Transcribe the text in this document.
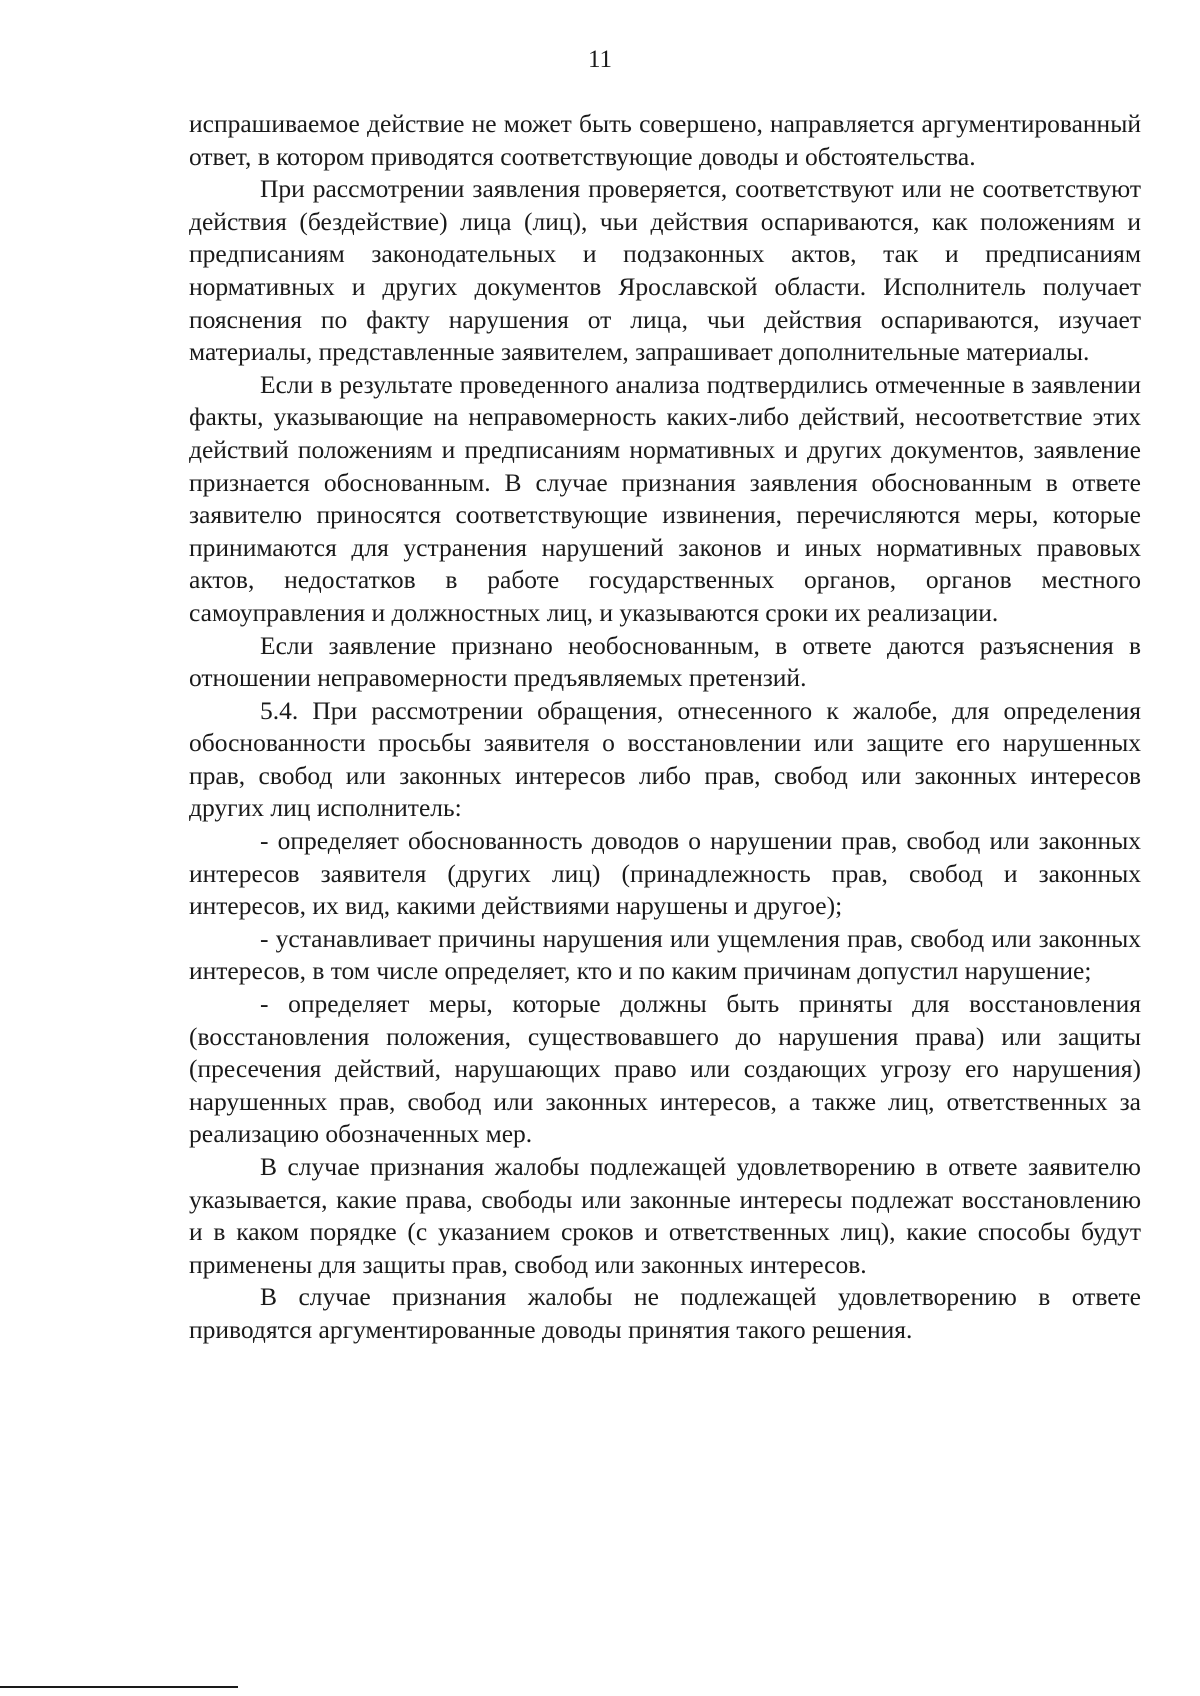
11

испрашиваемое действие не может быть совершено, направляется аргументированный ответ, в котором приводятся соответствующие доводы и обстоятельства.

При рассмотрении заявления проверяется, соответствуют или не соответствуют действия (бездействие) лица (лиц), чьи действия оспариваются, как положениям и предписаниям законодательных и подзаконных актов, так и предписаниям нормативных и других документов Ярославской области. Исполнитель получает пояснения по факту нарушения от лица, чьи действия оспариваются, изучает материалы, представленные заявителем, запрашивает дополнительные материалы.

Если в результате проведенного анализа подтвердились отмеченные в заявлении факты, указывающие на неправомерность каких-либо действий, несоответствие этих действий положениям и предписаниям нормативных и других документов, заявление признается обоснованным. В случае признания заявления обоснованным в ответе заявителю приносятся соответствующие извинения, перечисляются меры, которые принимаются для устранения нарушений законов и иных нормативных правовых актов, недостатков в работе государственных органов, органов местного самоуправления и должностных лиц, и указываются сроки их реализации.

Если заявление признано необоснованным, в ответе даются разъяснения в отношении неправомерности предъявляемых претензий.

5.4. При рассмотрении обращения, отнесенного к жалобе, для определения обоснованности просьбы заявителя о восстановлении или защите его нарушенных прав, свобод или законных интересов либо прав, свобод или законных интересов других лиц исполнитель:

- определяет обоснованность доводов о нарушении прав, свобод или законных интересов заявителя (других лиц) (принадлежность прав, свобод и законных интересов, их вид, какими действиями нарушены и другое);

- устанавливает причины нарушения или ущемления прав, свобод или законных интересов, в том числе определяет, кто и по каким причинам допустил нарушение;

- определяет меры, которые должны быть приняты для восстановления (восстановления положения, существовавшего до нарушения права) или защиты (пресечения действий, нарушающих право или создающих угрозу его нарушения) нарушенных прав, свобод или законных интересов, а также лиц, ответственных за реализацию обозначенных мер.

В случае признания жалобы подлежащей удовлетворению в ответе заявителю указывается, какие права, свободы или законные интересы подлежат восстановлению и в каком порядке (с указанием сроков и ответственных лиц), какие способы будут применены для защиты прав, свобод или законных интересов.

В случае признания жалобы не подлежащей удовлетворению в ответе приводятся аргументированные доводы принятия такого решения.
